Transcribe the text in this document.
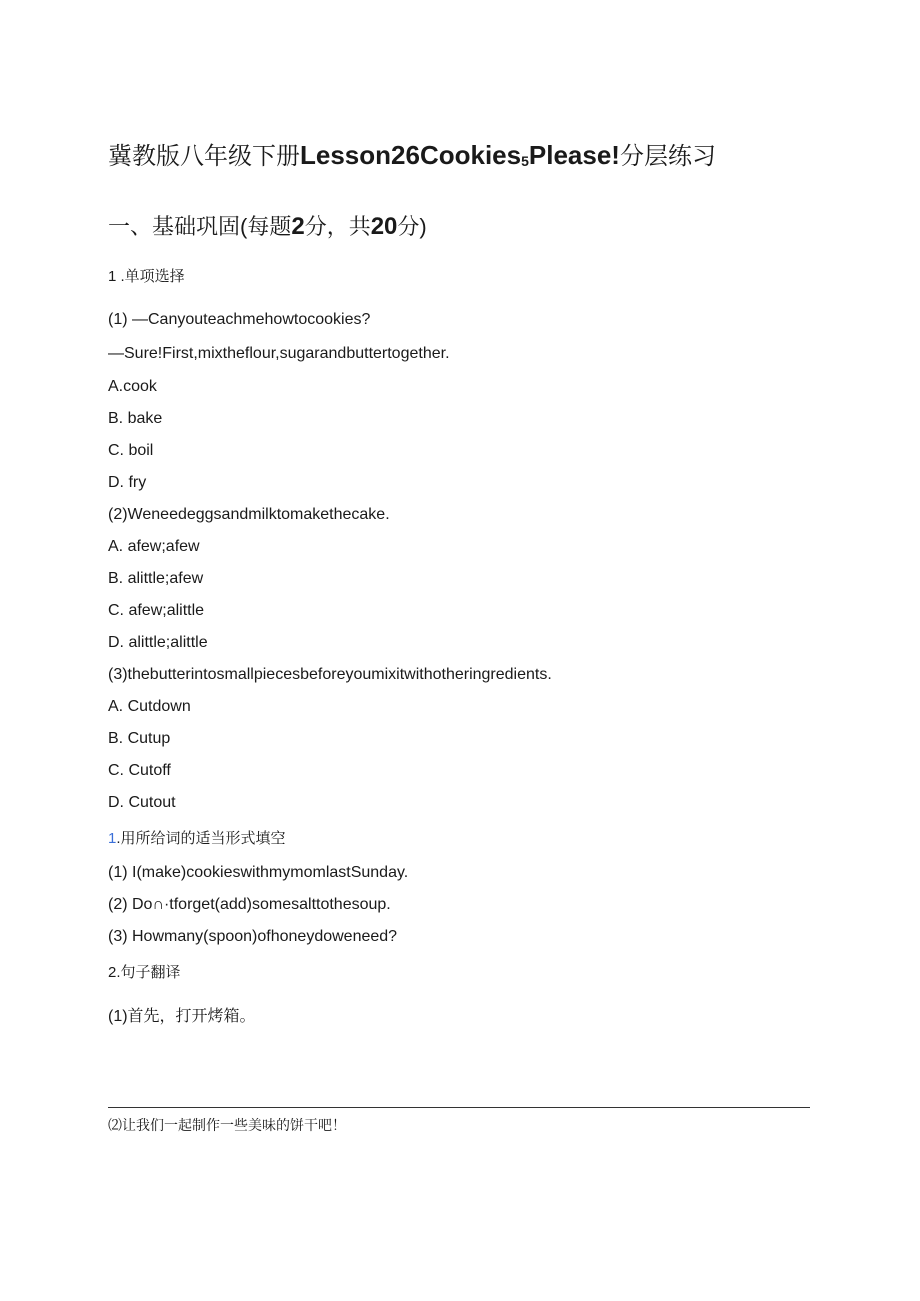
冀教版八年级下册Lesson26Cookies$_5$Please!分层练习
一、基础巩固(每题2分，共20分)
1 .单项选择
(1) —Canyouteachmehowtocookies?
—Sure!First,mixtheflour,sugarandbuttertogether.
A.cook
B. bake
C. boil
D. fry
(2)Weneedeggsandmilktomakethecake.
A. afew;afew
B. alittle;afew
C. afew;alittle
D. alittle;alittle
(3)thebutterintosmallpiecesbeforeyoumixitwithotheringredients.
A. Cutdown
B. Cutup
C. Cutoff
D. Cutout
1.用所给词的适当形式填空
(1) I(make)cookieswithmymomlastSunday.
(2) Do∩·tforget(add)somesalttothesoup.
(3) Howmany(spoon)ofhoneydoweneed?
2.句子翻译
(1)首先，打开烤箱。
⑵让我们一起制作一些美味的饼干吧！
